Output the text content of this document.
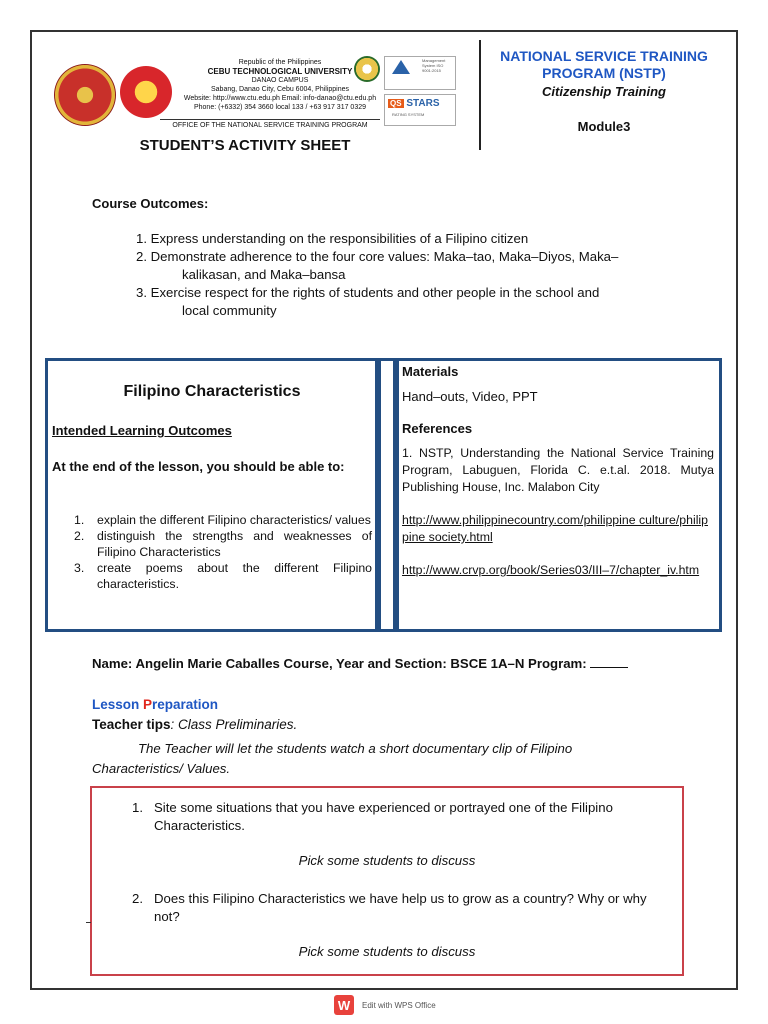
Republic of the Philippines
CEBU TECHNOLOGICAL UNIVERSITY
DANAO CAMPUS
Sabang, Danao City, Cebu 6004, Philippines
Website: http://www.ctu.edu.ph Email: info-danao@ctu.edu.ph
Phone: (+6332) 354 3660 local 133 / +63 917 317 0329
OFFICE OF THE NATIONAL SERVICE TRAINING PROGRAM
Management System ISO 9001:2015
QS STARS
RATING SYSTEM
NATIONAL SERVICE TRAINING PROGRAM (NSTP)
Citizenship Training
Module3
STUDENT’S ACTIVITY SHEET
Course Outcomes:
1. Express understanding on the responsibilities of a Filipino citizen
2. Demonstrate adherence to the four core values: Maka–tao, Maka–Diyos, Maka–
kalikasan, and Maka–bansa
3. Exercise respect for the rights of students and other people in the school and
local community
Filipino Characteristics
Intended Learning Outcomes
At the end of the lesson, you should be able to:
1. explain the different Filipino characteristics/ values
2. distinguish the strengths and weaknesses of Filipino Characteristics
3. create poems about the different Filipino characteristics.
Materials
Hand–outs, Video, PPT
References
1. NSTP, Understanding the National Service Training Program, Labuguen, Florida C. e.t.al. 2018. Mutya Publishing House, Inc. Malabon City
http://www.philippinecountry.com/philippine culture/philippine society.html
http://www.crvp.org/book/Series03/III–7/chapter_iv.htm
Name: Angelin Marie Caballes Course, Year and Section: BSCE 1A–N Program:
Lesson Preparation
Teacher tips: Class Preliminaries.
The Teacher will let the students watch a short documentary clip of Filipino Characteristics/ Values.
1. Site some situations that you have experienced or portrayed one of the Filipino Characteristics.
Pick some students to discuss
2. Does this Filipino Characteristics we have help us to grow as a country? Why or why not?
Pick some students to discuss
W	Edit with WPS Office
